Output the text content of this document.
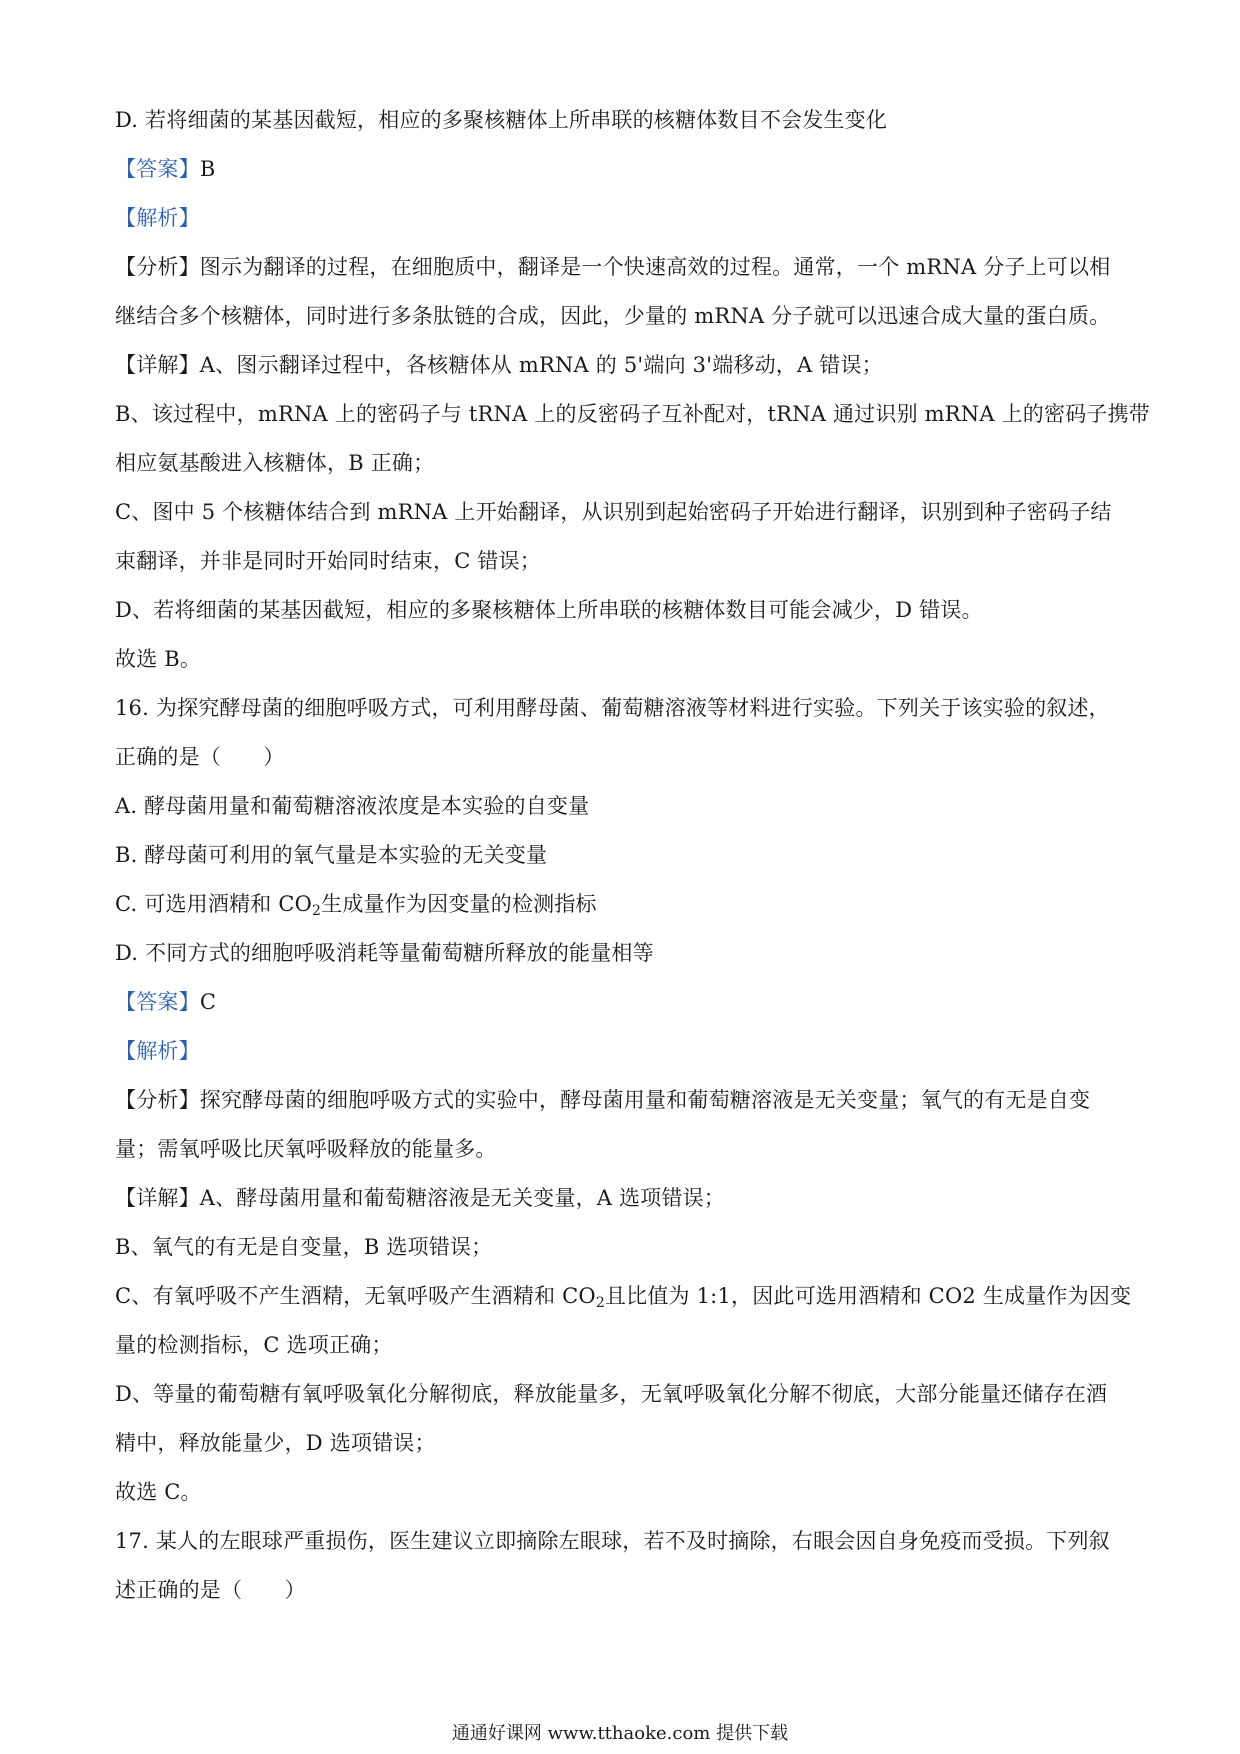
D. 若将细菌的某基因截短，相应的多聚核糖体上所串联的核糖体数目不会发生变化
【答案】B
【解析】
【分析】图示为翻译的过程，在细胞质中，翻译是一个快速高效的过程。通常，一个 mRNA 分子上可以相
继结合多个核糖体，同时进行多条肽链的合成，因此，少量的 mRNA 分子就可以迅速合成大量的蛋白质。
【详解】A、图示翻译过程中，各核糖体从 mRNA 的 5'端向 3'端移动，A 错误；
B、该过程中，mRNA 上的密码子与 tRNA 上的反密码子互补配对，tRNA 通过识别 mRNA 上的密码子携带
相应氨基酸进入核糖体，B 正确；
C、图中 5 个核糖体结合到 mRNA 上开始翻译，从识别到起始密码子开始进行翻译，识别到种子密码子结
束翻译，并非是同时开始同时结束，C 错误；
D、若将细菌的某基因截短，相应的多聚核糖体上所串联的核糖体数目可能会减少，D 错误。
故选 B。
16. 为探究酵母菌的细胞呼吸方式，可利用酵母菌、葡萄糖溶液等材料进行实验。下列关于该实验的叙述，
正确的是（　　）
A. 酵母菌用量和葡萄糖溶液浓度是本实验的自变量
B. 酵母菌可利用的氧气量是本实验的无关变量
C. 可选用酒精和 $CO_2$生成量作为因变量的检测指标
D. 不同方式的细胞呼吸消耗等量葡萄糖所释放的能量相等
【答案】C
【解析】
【分析】探究酵母菌的细胞呼吸方式的实验中，酵母菌用量和葡萄糖溶液是无关变量；氧气的有无是自变
量；需氧呼吸比厌氧呼吸释放的能量多。
【详解】A、酵母菌用量和葡萄糖溶液是无关变量，A 选项错误；
B、氧气的有无是自变量，B 选项错误；
C、有氧呼吸不产生酒精，无氧呼吸产生酒精和 $CO_2$且比值为 1:1，因此可选用酒精和 CO2 生成量作为因变
量的检测指标，C 选项正确；
D、等量的葡萄糖有氧呼吸氧化分解彻底，释放能量多，无氧呼吸氧化分解不彻底，大部分能量还储存在酒
精中，释放能量少，D 选项错误；
故选 C。
17. 某人的左眼球严重损伤，医生建议立即摘除左眼球，若不及时摘除，右眼会因自身免疫而受损。下列叙
述正确的是（　　）
通通好课网 www.tthaoke.com 提供下载
